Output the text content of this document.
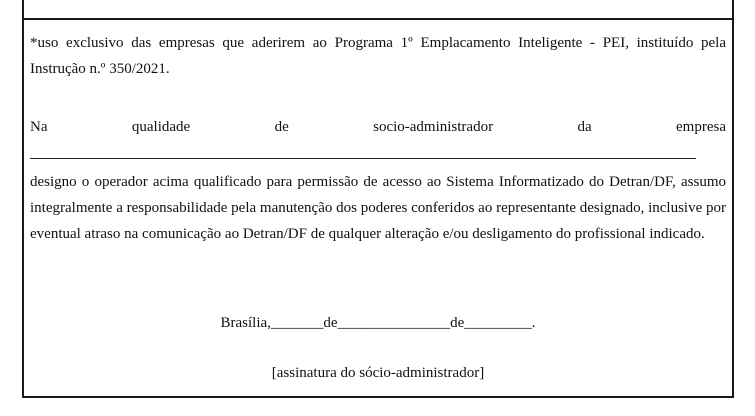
*uso exclusivo das empresas que aderirem ao Programa 1º Emplacamento Inteligente - PEI, instituído pela Instrução n.º 350/2021.

Na	qualidade	de	socio-administrador	da	empresa

designo o operador acima qualificado para permissão de acesso ao Sistema Informatizado do Detran/DF, assumo integralmente a responsabilidade pela manutenção dos poderes conferidos ao representante designado, inclusive por eventual atraso na comunicação ao Detran/DF de qualquer alteração e/ou desligamento do profissional indicado.

Brasília,_______de_______________de_________.
[assinatura do sócio-administrador]
